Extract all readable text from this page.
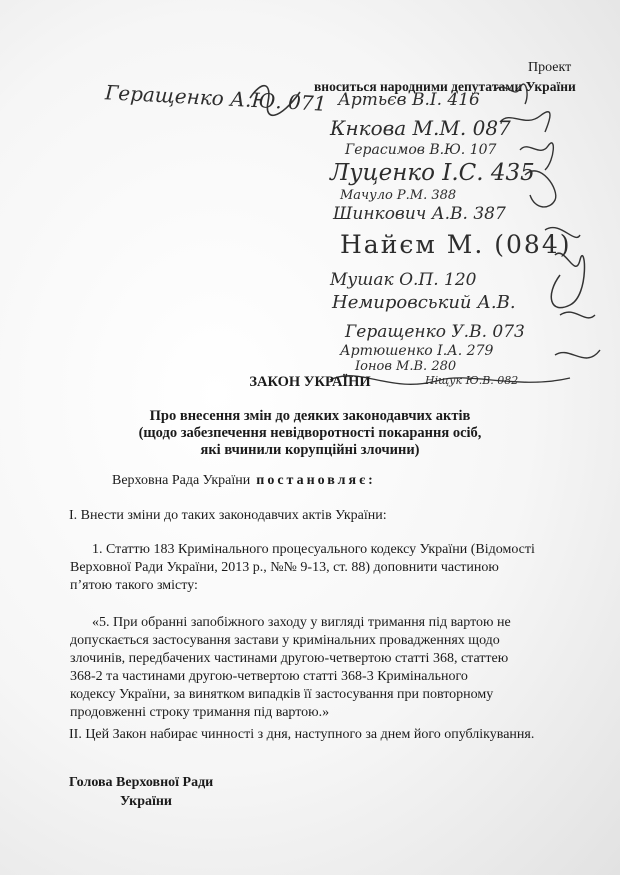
Проект
вноситься народними депутатами України
Геращенко А.Ю. 071 Артьєв В.І. 416
Кнкова М.М. 087
Герасимов В.Ю. 107
Луценко І.С. 435
Мачуло Р.М. 388
Шинкович А.В. 387
Найєм М. (084)
Мушак О.П. 120
Немировський А.В.
Геращенко У.В. 073
Артюшенко І.А. 279
Іонов М.В. 280
Ніщук Ю.В. 082
ЗАКОН УКРАЇНИ
Про внесення змін до деяких законодавчих актів
(щодо забезпечення невідворотності покарання осіб,
які вчинили корупційні злочини)
Верховна Рада України постановляє:
І. Внести зміни до таких законодавчих актів України:
1. Статтю 183 Кримінального процесуального кодексу України (Відомості
Верховної Ради України, 2013 р., №№ 9-13, ст. 88) доповнити частиною
п’ятою такого змісту:
«5. При обранні запобіжного заходу у вигляді тримання під вартою не
допускається застосування застави у кримінальних провадженнях щодо
злочинів, передбачених частинами другою-четвертою статті 368, статтею
368-2 та частинами другою-четвертою статті 368-3 Кримінального
кодексу України, за винятком випадків її застосування при повторному
продовженні строку тримання під вартою.»
ІІ. Цей Закон набирає чинності з дня, наступного за днем його опублікування.
Голова Верховної Ради
України
